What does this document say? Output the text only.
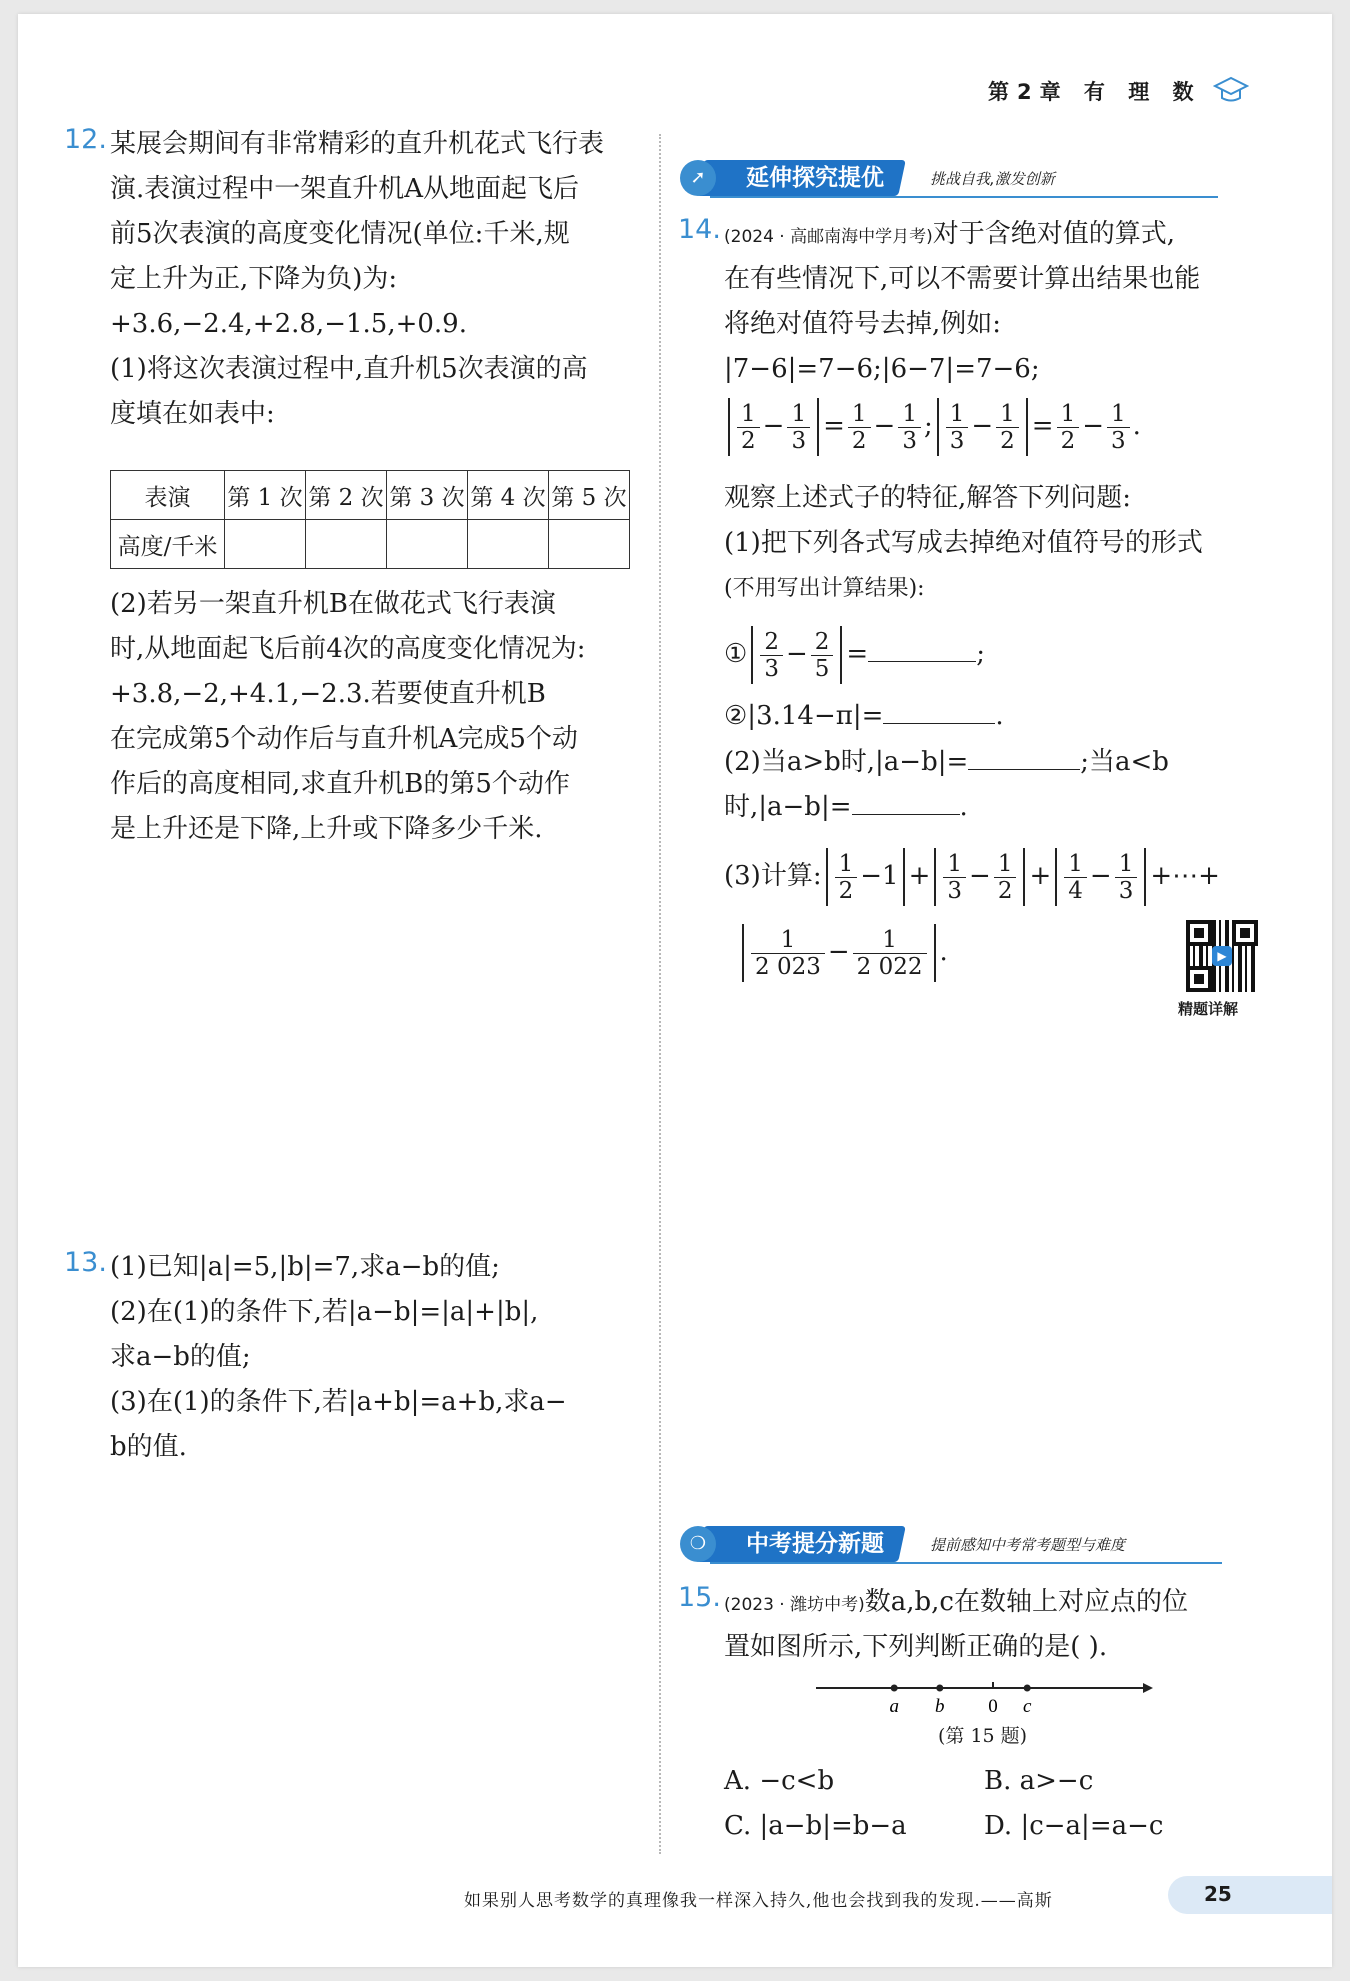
第2章 有 理 数
12. 某展会期间有非常精彩的直升机花式飞行表
演.表演过程中一架直升机A从地面起飞后
前5次表演的高度变化情况(单位:千米,规
定上升为正,下降为负)为:
+3.6,−2.4,+2.8,−1.5,+0.9.
(1)将这次表演过程中,直升机5次表演的高
度填在如表中:
表演	第 1 次	第 2 次	第 3 次	第 4 次	第 5 次
高度/千米					
(2)若另一架直升机B在做花式飞行表演
时,从地面起飞后前4次的高度变化情况为:
+3.8,−2,+4.1,−2.3.若要使直升机B
在完成第5个动作后与直升机A完成5个动
作后的高度相同,求直升机B的第5个动作
是上升还是下降,上升或下降多少千米.
13. (1)已知|a|=5,|b|=7,求a−b的值;
(2)在(1)的条件下,若|a−b|=|a|+|b|,
求a−b的值;
(3)在(1)的条件下,若|a+b|=a+b,求a−
b的值.
➚	延伸探究提优	挑战自我,激发创新
14. (2024 · 高邮南海中学月考)对于含绝对值的算式,
在有些情况下,可以不需要计算出结果也能
将绝对值符号去掉,例如:
|7−6|=7−6;|6−7|=7−6;
$\frac{1}{2} - \frac{1}{3} = \frac{1}{2} - \frac{1}{3}$ ; $\frac{1}{3} - \frac{1}{2} = \frac{1}{2} - \frac{1}{3}$ .
观察上述式子的特征,解答下列问题:
(1)把下列各式写成去掉绝对值符号的形式
(不用写出计算结果):
① $\frac{2}{3} - \frac{2}{5}$ =	;
②|3.14−π|=	.
(2)当a>b时,|a−b|=	;当a<b
时,|a−b|=	.
(3)计算: $\frac{1}{2} -1 + \frac{1}{3} - \frac{1}{2} + \frac{1}{4} - \frac{1}{3}$ +⋯+
$\frac{1}{2 023} - \frac{1}{2 022}$ .	▶
精题详解
❍	中考提分新题	提前感知中考常考题型与难度
15. (2023 · 潍坊中考)数a,b,c在数轴上对应点的位
置如图所示,下列判断正确的是( ).
a b 0 c
(第 15 题)
A. −c<b	B. a>−c
C. |a−b|=b−a	D. |c−a|=a−c
如果别人思考数学的真理像我一样深入持久,他也会找到我的发现.——高斯	25
